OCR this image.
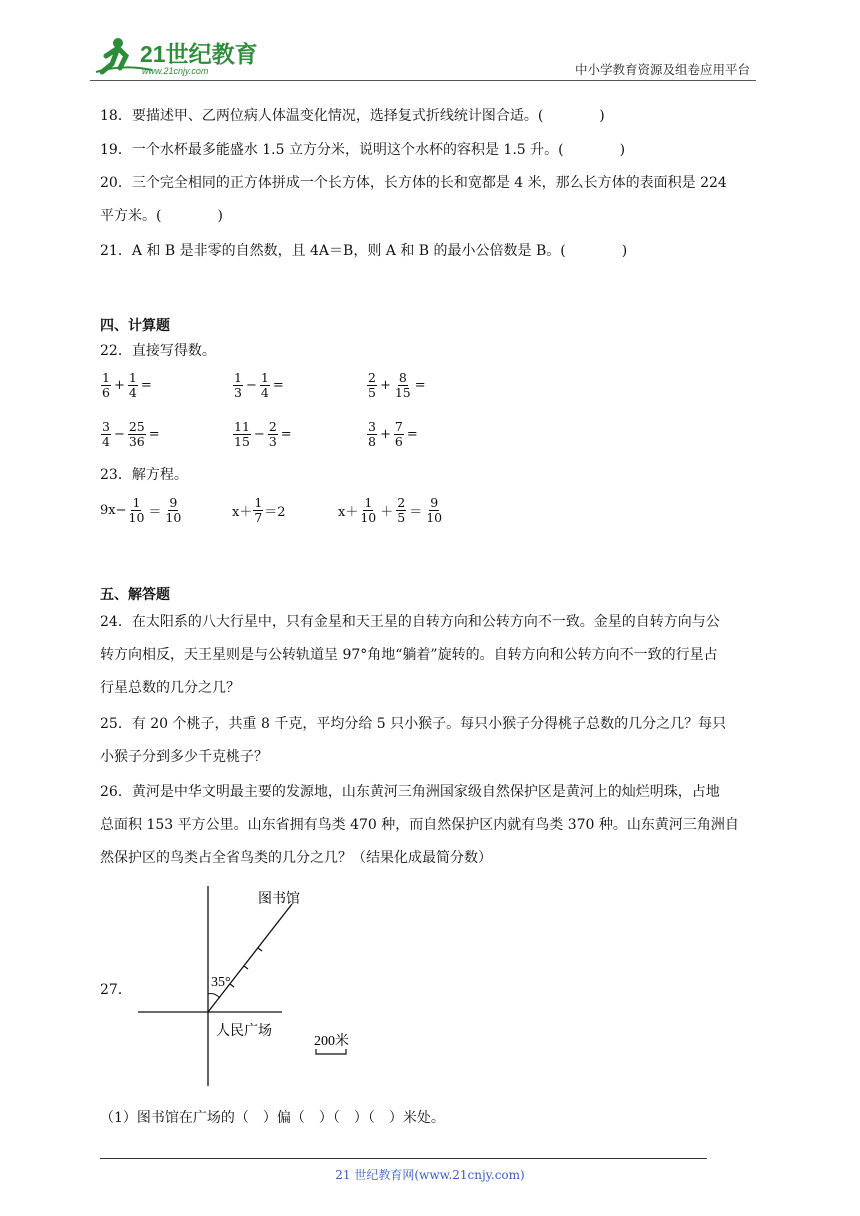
21世纪教育
www.21cnjy.com	中小学教育资源及组卷应用平台
18．要描述甲、乙两位病人体温变化情况，选择复式折线统计图合适。(　　　　)
19．一个水杯最多能盛水 1.5 立方分米，说明这个水杯的容积是 1.5 升。(　　　　)
20．三个完全相同的正方体拼成一个长方体，长方体的长和宽都是 4 米，那么长方体的表面积是 224
平方米。(　　　　)
21．A 和 B 是非零的自然数，且 4A＝B，则 A 和 B 的最小公倍数是 B。(　　　　)
四、计算题
22．直接写得数。
$\frac{1}{6} + \frac{1}{4}$ =	$\frac{1}{3} - \frac{1}{4}$ =	$\frac{2}{5} + \frac{8}{15}$ =
$\frac{3}{4} - \frac{25}{36}$ =	$\frac{11}{15} - \frac{2}{3}$ =	$\frac{3}{8} + \frac{7}{6}$ =
23．解方程。
$9x- \frac{1}{10} = \frac{9}{10}$	$x+ \frac{1}{7} =2$	$x+ \frac{1}{10} + \frac{2}{5} = \frac{9}{10}$
五、解答题
24．在太阳系的八大行星中，只有金星和天王星的自转方向和公转方向不一致。金星的自转方向与公
转方向相反，天王星则是与公转轨道呈 97°角地“躺着”旋转的。自转方向和公转方向不一致的行星占
行星总数的几分之几？
25．有 20 个桃子，共重 8 千克，平均分给 5 只小猴子。每只小猴子分得桃子总数的几分之几？每只
小猴子分到多少千克桃子？
26．黄河是中华文明最主要的发源地，山东黄河三角洲国家级自然保护区是黄河上的灿烂明珠，占地
总面积 153 平方公里。山东省拥有鸟类 470 种，而自然保护区内就有鸟类 370 种。山东黄河三角洲自
然保护区的鸟类占全省鸟类的几分之几？（结果化成最简分数）
27．
图书馆
35°
人民广场
200米
（1）图书馆在广场的（　）偏（　）（　）（　）米处。
21 世纪教育网(www.21cnjy.com)
